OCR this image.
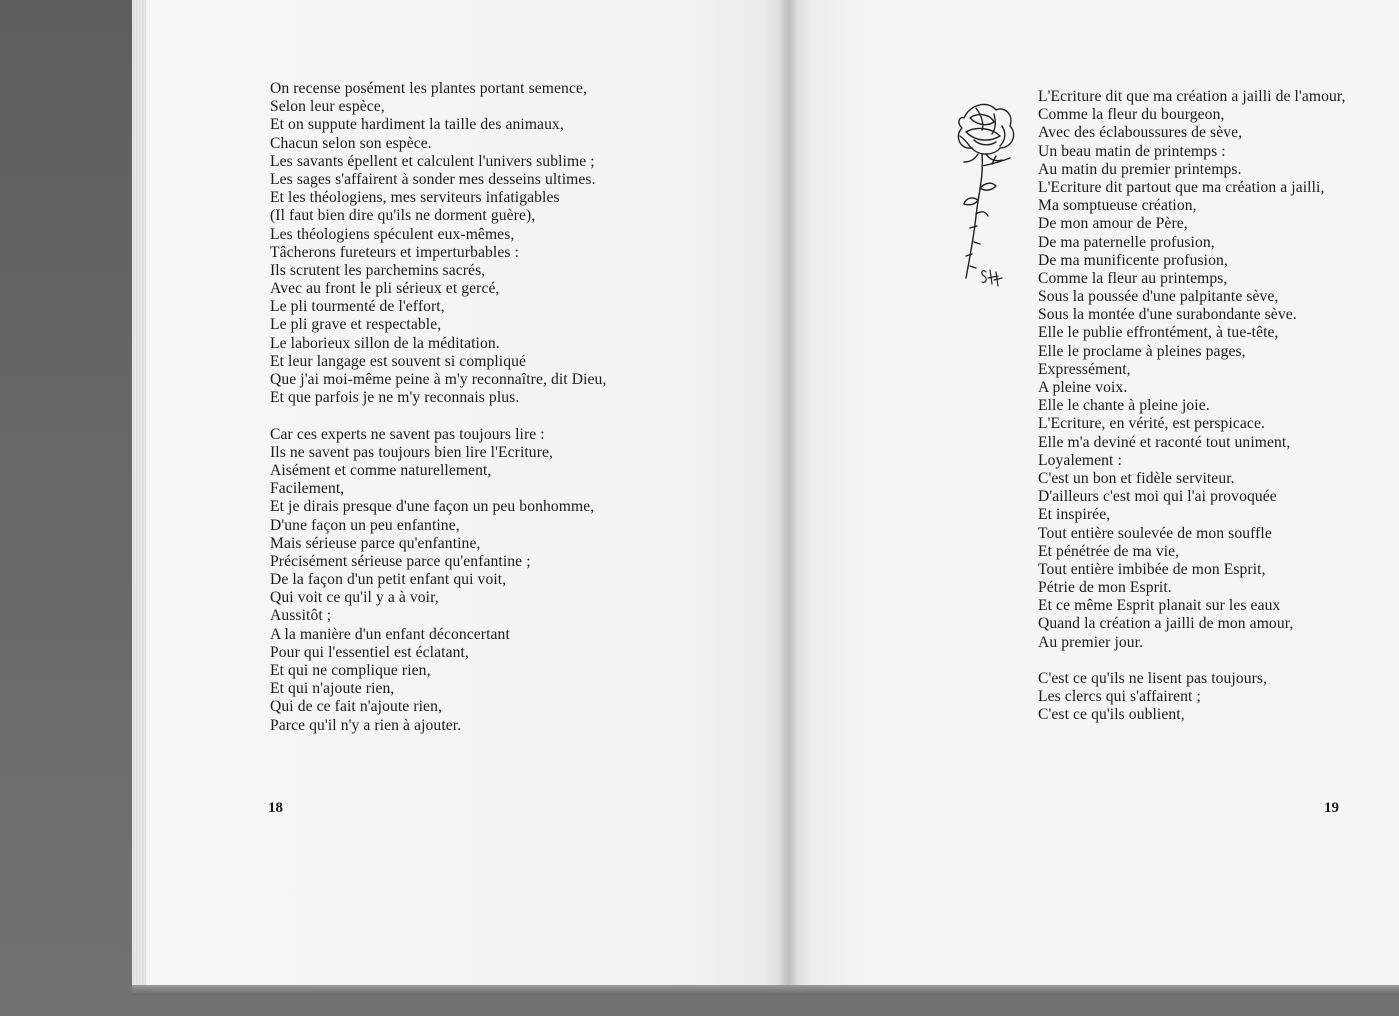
On recense posément les plantes portant semence,
Selon leur espèce,
Et on suppute hardiment la taille des animaux,
Chacun selon son espèce.
Les savants épellent et calculent l'univers sublime ;
Les sages s'affairent à sonder mes desseins ultimes.
Et les théologiens, mes serviteurs infatigables
(Il faut bien dire qu'ils ne dorment guère),
Les théologiens spéculent eux-mêmes,
Tâcherons fureteurs et imperturbables :
Ils scrutent les parchemins sacrés,
Avec au front le pli sérieux et gercé,
Le pli tourmenté de l'effort,
Le pli grave et respectable,
Le laborieux sillon de la méditation.
Et leur langage est souvent si compliqué
Que j'ai moi-même peine à m'y reconnaître, dit Dieu,
Et que parfois je ne m'y reconnais plus.
Car ces experts ne savent pas toujours lire :
Ils ne savent pas toujours bien lire l'Ecriture,
Aisément et comme naturellement,
Facilement,
Et je dirais presque d'une façon un peu bonhomme,
D'une façon un peu enfantine,
Mais sérieuse parce qu'enfantine,
Précisément sérieuse parce qu'enfantine ;
De la façon d'un petit enfant qui voit,
Qui voit ce qu'il y a à voir,
Aussitôt ;
A la manière d'un enfant déconcertant
Pour qui l'essentiel est éclatant,
Et qui ne complique rien,
Et qui n'ajoute rien,
Qui de ce fait n'ajoute rien,
Parce qu'il n'y a rien à ajouter.

18

L'Ecriture dit que ma création a jailli de l'amour,
Comme la fleur du bourgeon,
Avec des éclaboussures de sève,
Un beau matin de printemps :
Au matin du premier printemps.
L'Ecriture dit partout que ma création a jailli,
Ma somptueuse création,
De mon amour de Père,
De ma paternelle profusion,
De ma munificente profusion,
Comme la fleur au printemps,
Sous la poussée d'une palpitante sève,
Sous la montée d'une surabondante sève.
Elle le publie effrontément, à tue-tête,
Elle le proclame à pleines pages,
Expressément,
A pleine voix.
Elle le chante à pleine joie.
L'Ecriture, en vérité, est perspicace.
Elle m'a deviné et raconté tout uniment,
Loyalement :
C'est un bon et fidèle serviteur.
D'ailleurs c'est moi qui l'ai provoquée
Et inspirée,
Tout entière soulevée de mon souffle
Et pénétrée de ma vie,
Tout entière imbibée de mon Esprit,
Pétrie de mon Esprit.
Et ce même Esprit planait sur les eaux
Quand la création a jailli de mon amour,
Au premier jour.
C'est ce qu'ils ne lisent pas toujours,
Les clercs qui s'affairent ;
C'est ce qu'ils oublient,

19
